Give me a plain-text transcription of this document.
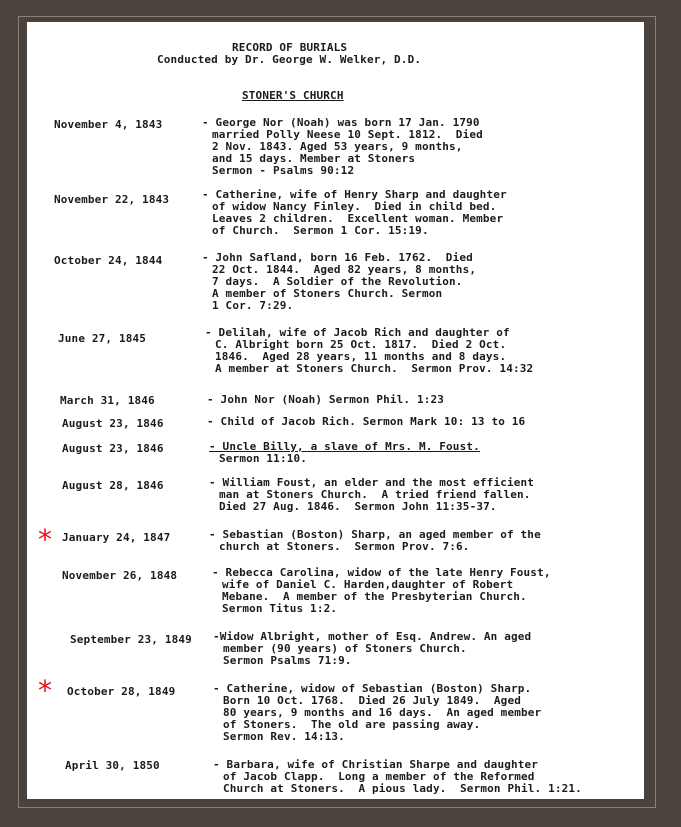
RECORD OF BURIALS
Conducted by Dr. George W. Welker, D.D.
STONER'S CHURCH
November 4, 1843	- George Nor (Noah) was born 17 Jan. 1790
married Polly Neese 10 Sept. 1812.  Died
2 Nov. 1843. Aged 53 years, 9 months,
and 15 days. Member at Stoners
Sermon - Psalms 90:12
November 22, 1843	- Catherine, wife of Henry Sharp and daughter
of widow Nancy Finley.  Died in child bed.
Leaves 2 children.  Excellent woman. Member
of Church.  Sermon 1 Cor. 15:19.
October 24, 1844	- John Safland, born 16 Feb. 1762.  Died
22 Oct. 1844.  Aged 82 years, 8 months,
7 days.  A Soldier of the Revolution.
A member of Stoners Church. Sermon
1 Cor. 7:29.
June 27, 1845	- Delilah, wife of Jacob Rich and daughter of
C. Albright born 25 Oct. 1817.  Died 2 Oct.
1846.  Aged 28 years, 11 months and 8 days.
A member at Stoners Church.  Sermon Prov. 14:32
March 31, 1846	- John Nor (Noah) Sermon Phil. 1:23
August 23, 1846	- Child of Jacob Rich. Sermon Mark 10: 13 to 16
August 23, 1846	- Uncle Billy, a slave of Mrs. M. Foust.
Sermon 11:10.
August 28, 1846	- William Foust, an elder and the most efficient
man at Stoners Church.  A tried friend fallen.
Died 27 Aug. 1846.  Sermon John 11:35-37.
* January 24, 1847	- Sebastian (Boston) Sharp, an aged member of the
church at Stoners.  Sermon Prov. 7:6.
November 26, 1848	- Rebecca Carolina, widow of the late Henry Foust,
wife of Daniel C. Harden,daughter of Robert
Mebane.  A member of the Presbyterian Church.
Sermon Titus 1:2.
September 23, 1849 -Widow Albright, mother of Esq. Andrew. An aged
member (90 years) of Stoners Church.
Sermon Psalms 71:9.
* October 28, 1849	- Catherine, widow of Sebastian (Boston) Sharp.
Born 10 Oct. 1768.  Died 26 July 1849.  Aged
80 years, 9 months and 16 days.  An aged member
of Stoners.  The old are passing away.
Sermon Rev. 14:13.
April 30, 1850	- Barbara, wife of Christian Sharpe and daughter
of Jacob Clapp.  Long a member of the Reformed
Church at Stoners.  A pious lady.  Sermon Phil. 1:21.
